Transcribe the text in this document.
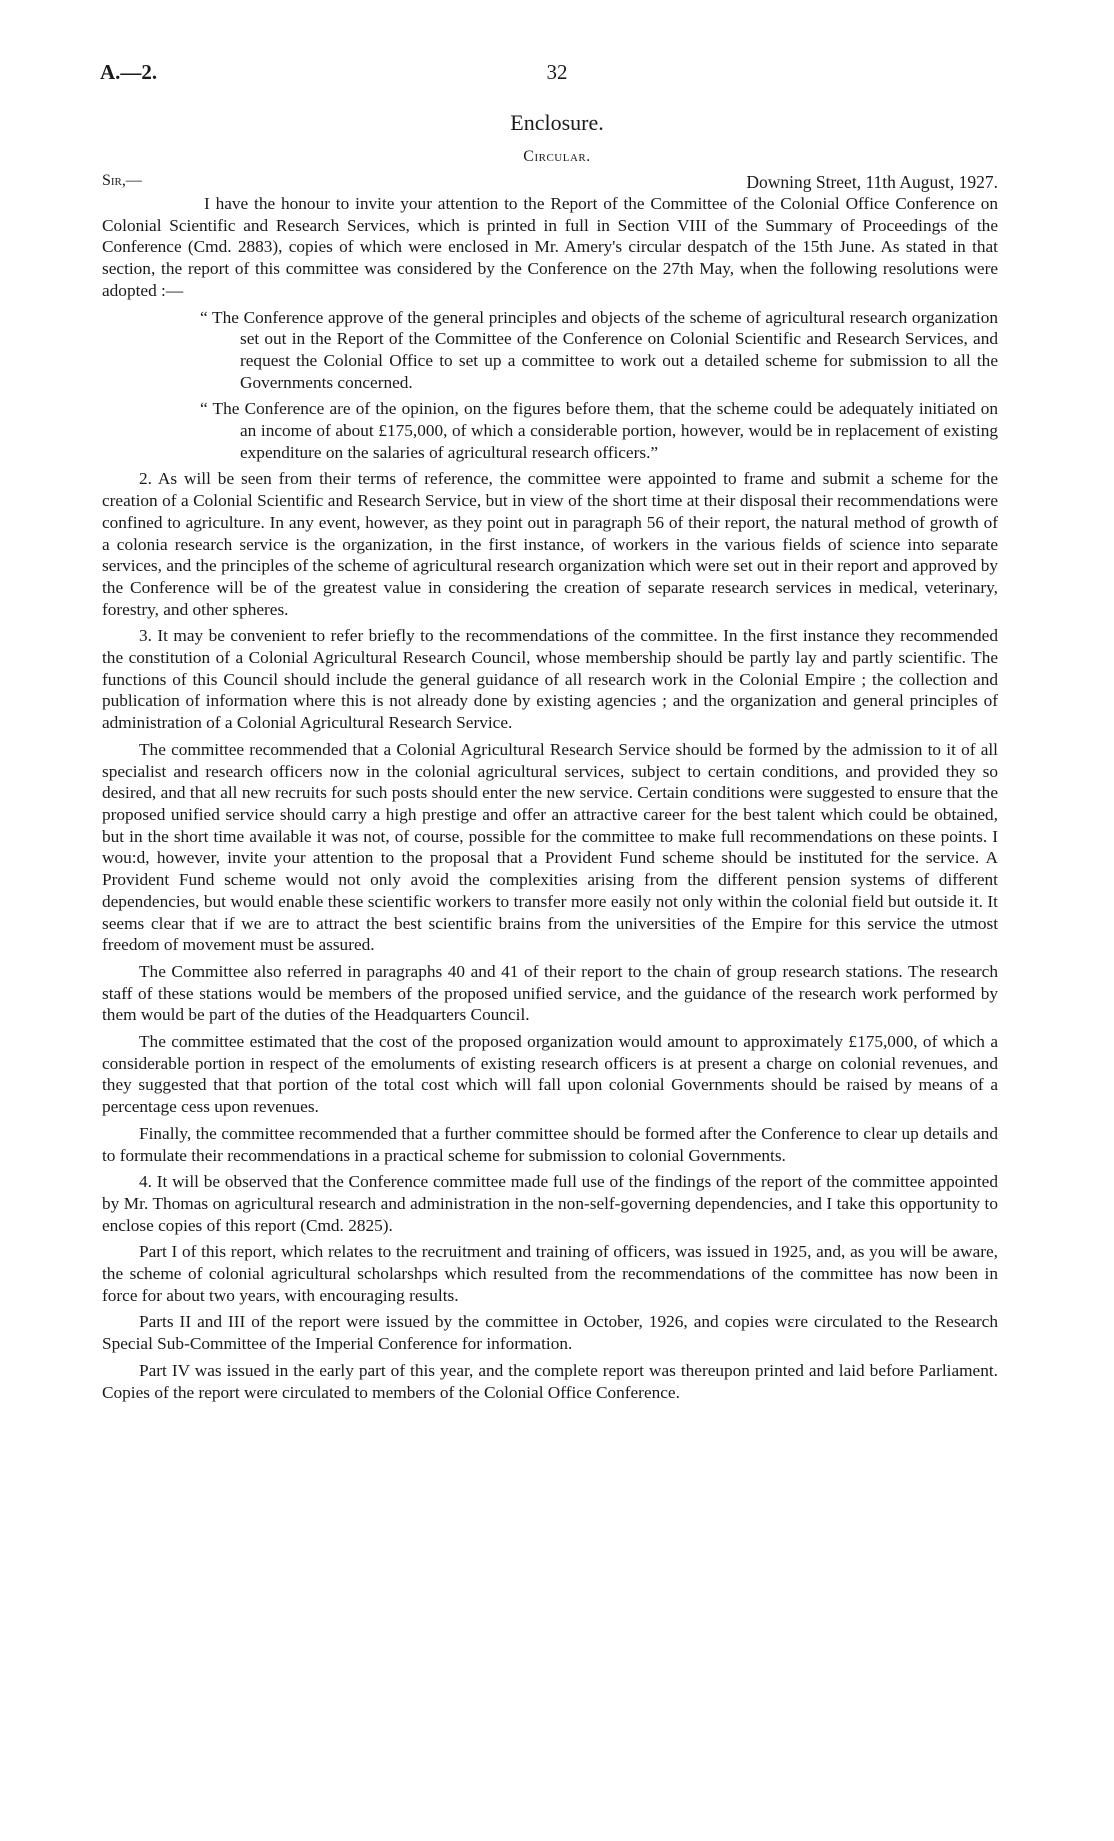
A.—2.	32
Enclosure.
Circular.
Sir,—	Downing Street, 11th August, 1927.

I have the honour to invite your attention to the Report of the Committee of the Colonial Office Conference on Colonial Scientific and Research Services, which is printed in full in Section VIII of the Summary of Proceedings of the Conference (Cmd. 2883), copies of which were enclosed in Mr. Amery's circular despatch of the 15th June. As stated in that section, the report of this committee was considered by the Conference on the 27th May, when the following resolutions were adopted :—

“ The Conference approve of the general principles and objects of the scheme of agricultural research organization set out in the Report of the Committee of the Conference on Colonial Scientific and Research Services, and request the Colonial Office to set up a committee to work out a detailed scheme for submission to all the Governments concerned.
“ The Conference are of the opinion, on the figures before them, that the scheme could be adequately initiated on an income of about £175,000, of which a considerable portion, however, would be in replacement of existing expenditure on the salaries of agricultural research officers.”

2. As will be seen from their terms of reference, the committee were appointed to frame and submit a scheme for the creation of a Colonial Scientific and Research Service, but in view of the short time at their disposal their recommendations were confined to agriculture. In any event, however, as they point out in paragraph 56 of their report, the natural method of growth of a colonia research service is the organization, in the first instance, of workers in the various fields of science into separate services, and the principles of the scheme of agricultural research organization which were set out in their report and approved by the Conference will be of the greatest value in considering the creation of separate research services in medical, veterinary, forestry, and other spheres.

3. It may be convenient to refer briefly to the recommendations of the committee. In the first instance they recommended the constitution of a Colonial Agricultural Research Council, whose membership should be partly lay and partly scientific. The functions of this Council should include the general guidance of all research work in the Colonial Empire ; the collection and publication of information where this is not already done by existing agencies ; and the organization and general principles of administration of a Colonial Agricultural Research Service.

The committee recommended that a Colonial Agricultural Research Service should be formed by the admission to it of all specialist and research officers now in the colonial agricultural services, subject to certain conditions, and provided they so desired, and that all new recruits for such posts should enter the new service. Certain conditions were suggested to ensure that the proposed unified service should carry a high prestige and offer an attractive career for the best talent which could be obtained, but in the short time available it was not, of course, possible for the committee to make full recommendations on these points. I wou:d, however, invite your attention to the proposal that a Provident Fund scheme should be instituted for the service. A Provident Fund scheme would not only avoid the complexities arising from the different pension systems of different dependencies, but would enable these scientific workers to transfer more easily not only within the colonial field but outside it. It seems clear that if we are to attract the best scientific brains from the universities of the Empire for this service the utmost freedom of movement must be assured.

The Committee also referred in paragraphs 40 and 41 of their report to the chain of group research stations. The research staff of these stations would be members of the proposed unified service, and the guidance of the research work performed by them would be part of the duties of the Headquarters Council.

The committee estimated that the cost of the proposed organization would amount to approximately £175,000, of which a considerable portion in respect of the emoluments of existing research officers is at present a charge on colonial revenues, and they suggested that that portion of the total cost which will fall upon colonial Governments should be raised by means of a percentage cess upon revenues.

Finally, the committee recommended that a further committee should be formed after the Conference to clear up details and to formulate their recommendations in a practical scheme for submission to colonial Governments.

4. It will be observed that the Conference committee made full use of the findings of the report of the committee appointed by Mr. Thomas on agricultural research and administration in the non-self-governing dependencies, and I take this opportunity to enclose copies of this report (Cmd. 2825).

Part I of this report, which relates to the recruitment and training of officers, was issued in 1925, and, as you will be aware, the scheme of colonial agricultural scholarshps which resulted from the recommendations of the committee has now been in force for about two years, with encouraging results.

Parts II and III of the report were issued by the committee in October, 1926, and copies wεre circulated to the Research Special Sub-Committee of the Imperial Conference for information.

Part IV was issued in the early part of this year, and the complete report was thereupon printed and laid before Parliament. Copies of the report were circulated to members of the Colonial Office Conference.
